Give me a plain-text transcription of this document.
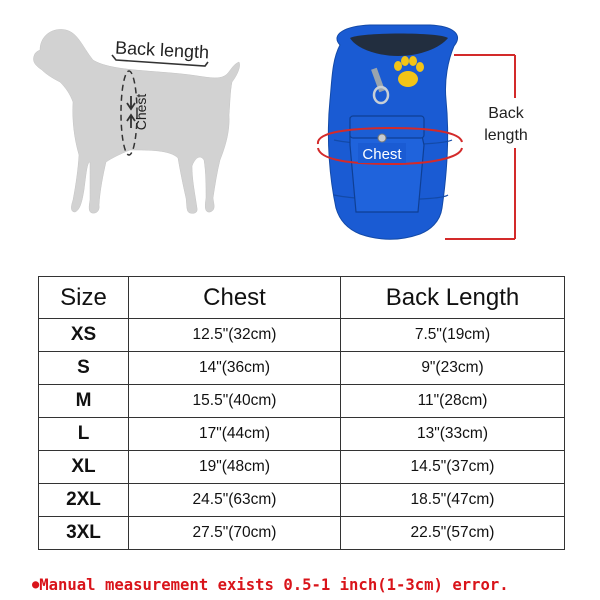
Back length
Chest
Chest
Back
length
Size	Chest	Back Length
XS	12.5"(32cm)	7.5"(19cm)
S	14"(36cm)	9"(23cm)
M	15.5"(40cm)	11"(28cm)
L	17"(44cm)	13"(33cm)
XL	19"(48cm)	14.5"(37cm)
2XL	24.5"(63cm)	18.5"(47cm)
3XL	27.5"(70cm)	22.5"(57cm)
●Manual measurement exists 0.5-1 inch(1-3cm) error.
